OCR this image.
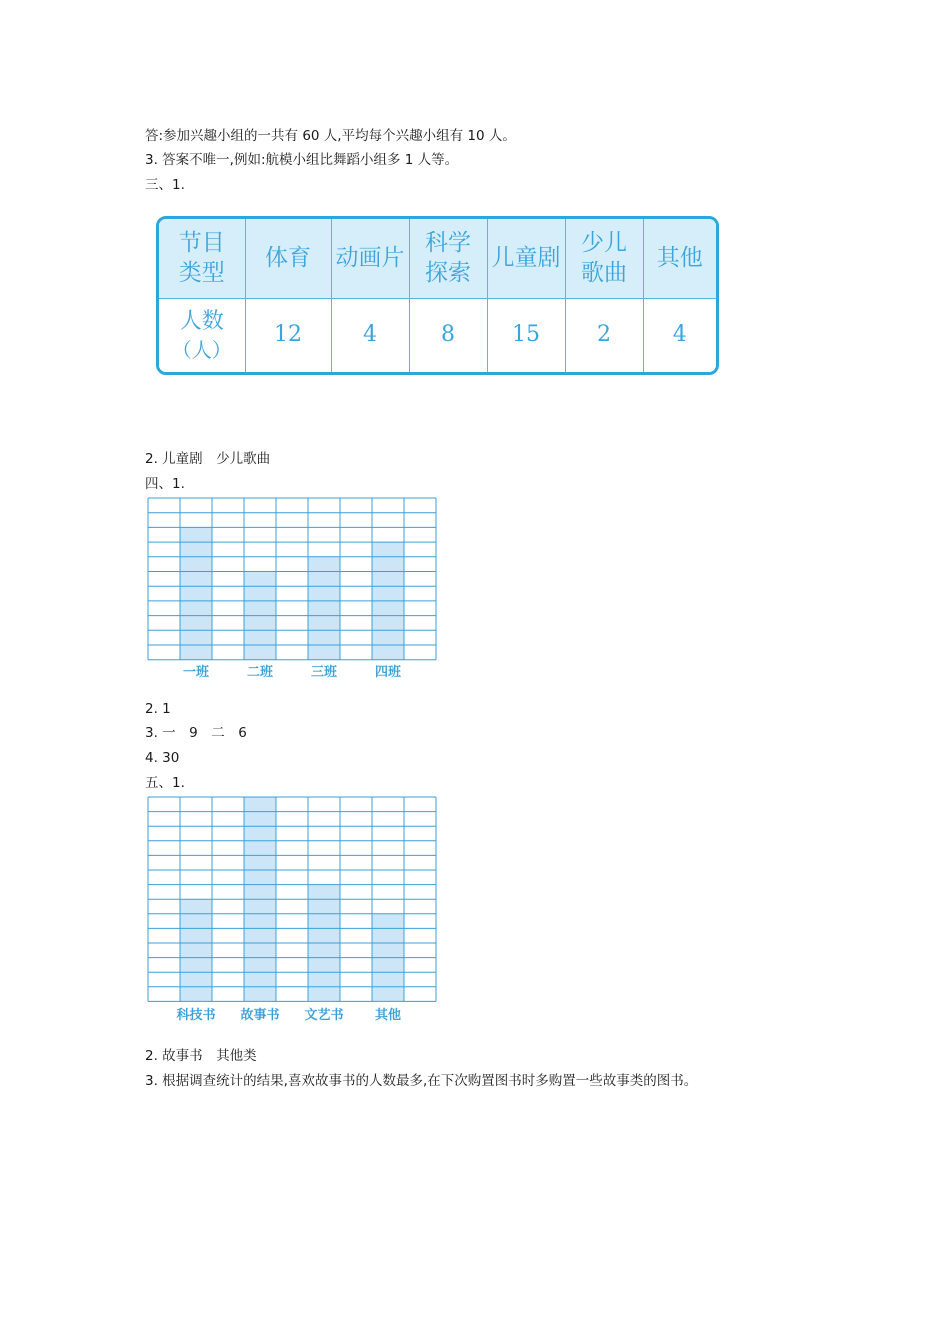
答:参加兴趣小组的一共有 60 人,平均每个兴趣小组有 10 人。
3. 答案不唯一,例如:航模小组比舞蹈小组多 1 人等。
三、1.
节目
类型	体育	动画片	科学探索	儿童剧	少儿歌曲	其他

人数
（人）	12	4	8	15	2	4
2. 儿童剧　少儿歌曲
四、1.
一班	二班	三班	四班
2. 1
3. 一　9　二　6
4. 30
五、1.
科技书 故事书 文艺书 其他
2. 故事书　其他类
3. 根据调查统计的结果,喜欢故事书的人数最多,在下次购置图书时多购置一些故事类的图书。
